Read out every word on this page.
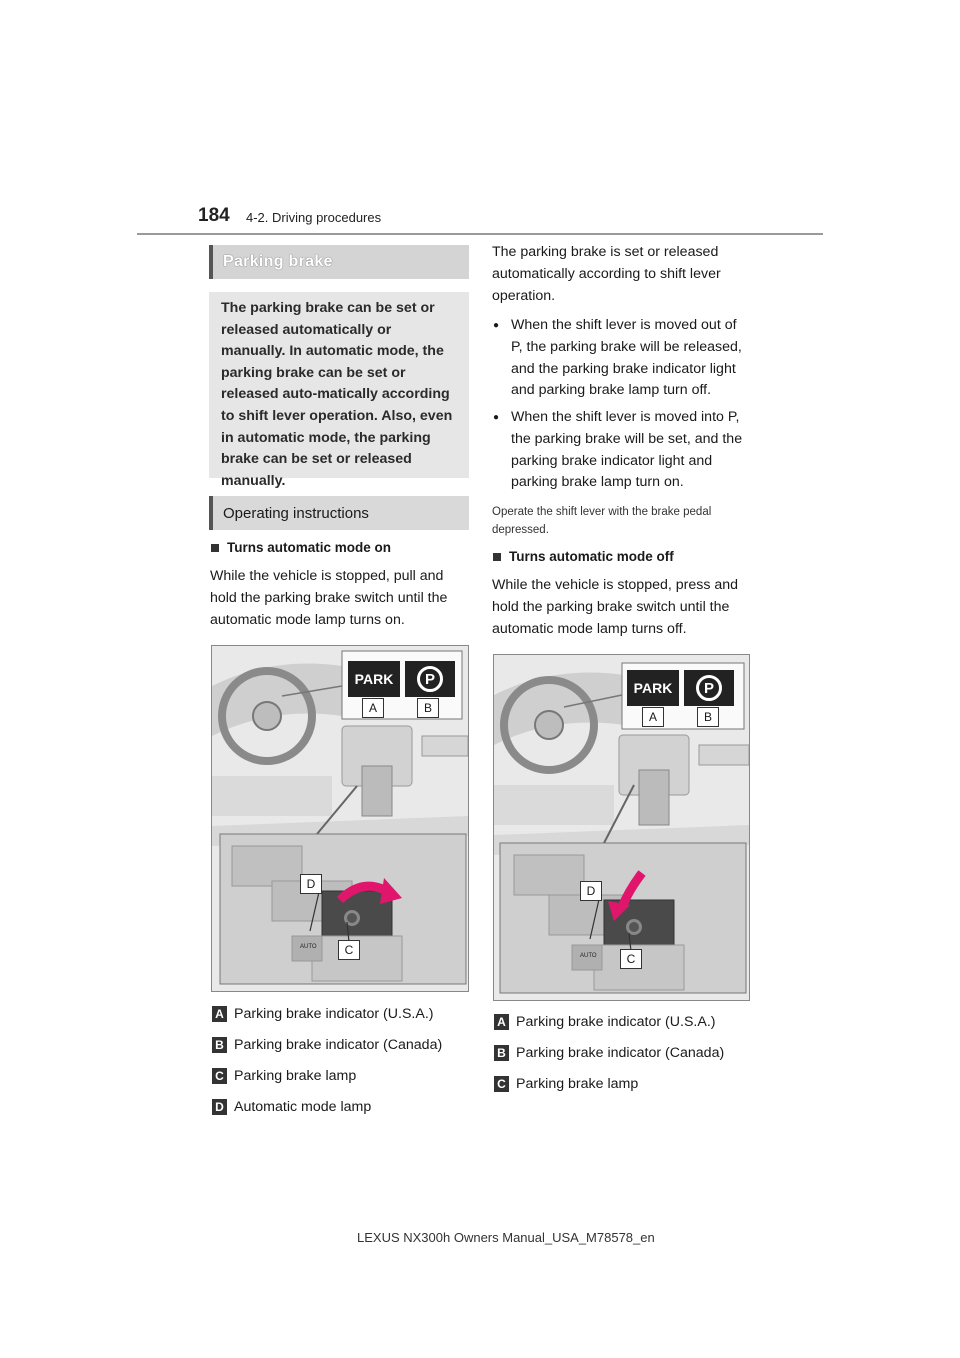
184 4-2. Driving procedures
Parking brake
The parking brake can be set or released automatically or manually. In automatic mode, the parking brake can be set or released auto-matically according to shift lever operation. Also, even in automatic mode, the parking brake can be set or released manually.
Operating instructions
Turns automatic mode on
While the vehicle is stopped, pull and hold the parking brake switch until the automatic mode lamp turns on.
PARK	P
A	B
D
C
AUTO
A Parking brake indicator (U.S.A.)
B Parking brake indicator (Canada)
C Parking brake lamp
D Automatic mode lamp
The parking brake is set or released automatically according to shift lever operation.
● When the shift lever is moved out of P, the parking brake will be released, and the parking brake indicator light and parking brake lamp turn off.
● When the shift lever is moved into P, the parking brake will be set, and the parking brake indicator light and parking brake lamp turn on.
Operate the shift lever with the brake pedal depressed.
Turns automatic mode off
While the vehicle is stopped, press and hold the parking brake switch until the automatic mode lamp turns off.
PARK	P
A	B
D
C
AUTO
A Parking brake indicator (U.S.A.)
B Parking brake indicator (Canada)
C Parking brake lamp
LEXUS NX300h Owners Manual_USA_M78578_en
